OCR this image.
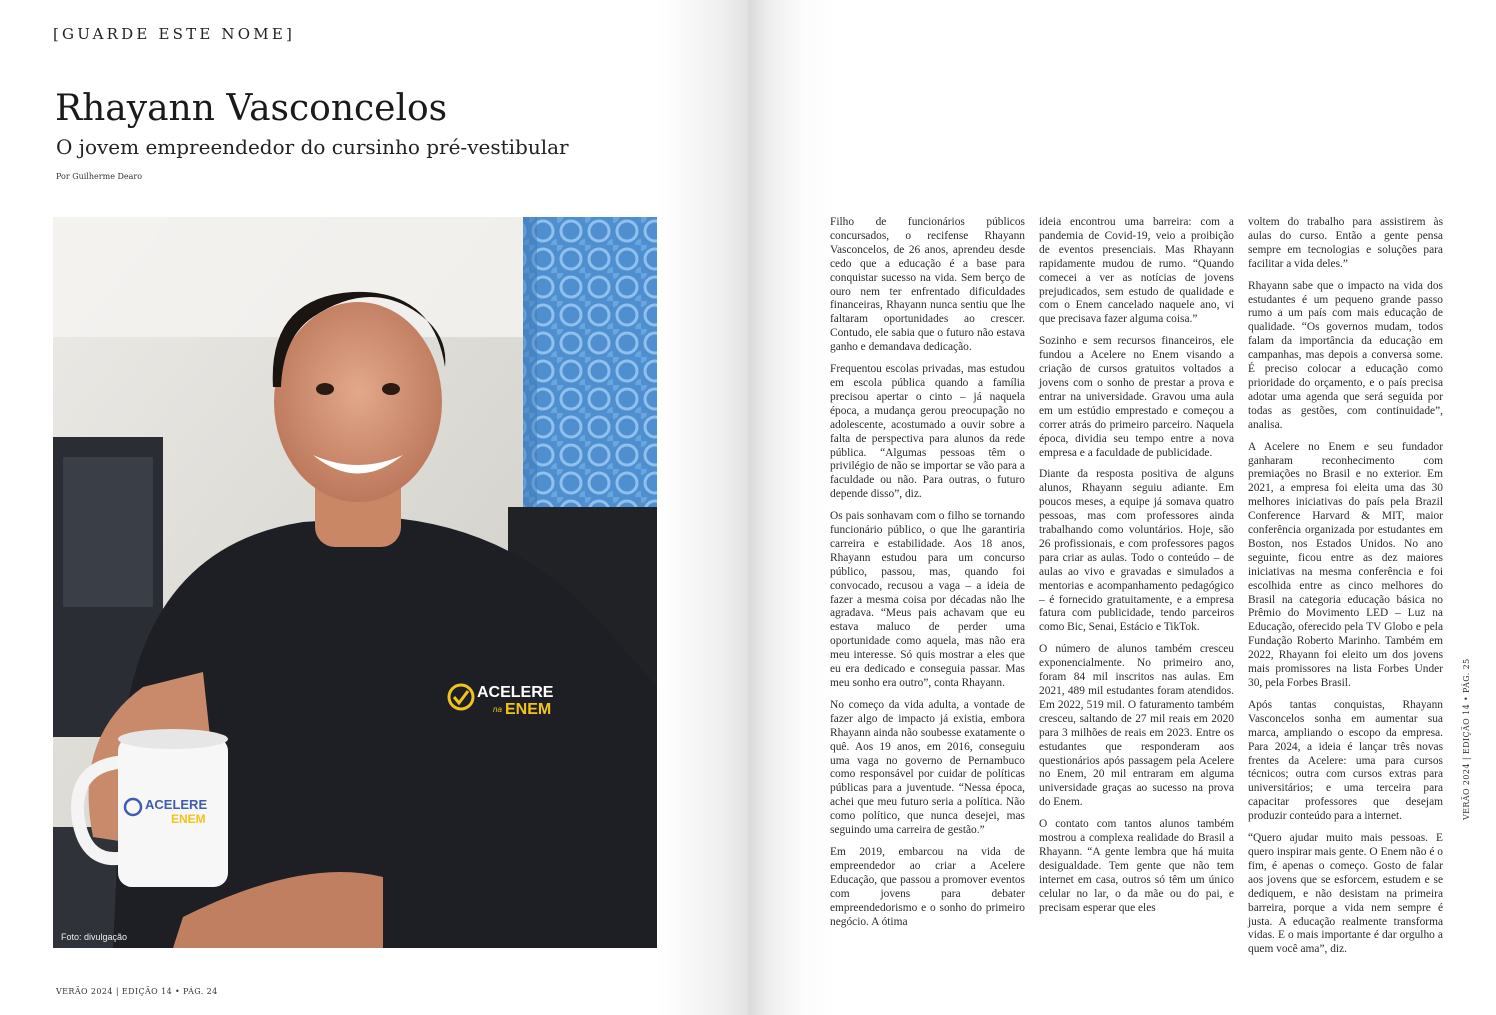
[GUARDE ESTE NOME]
Rhayann Vasconcelos
O jovem empreendedor do cursinho pré-vestibular
Por Guilherme Dearo
ACELERE
na ENEM
ACELERE
ENEM
Foto: divulgação
VERÃO 2024 | EDIÇÃO 14 • PÁG. 24

Filho de funcionários públicos concursados, o recifense Rhayann Vasconcelos, de 26 anos, aprendeu desde cedo que a educação é a base para conquistar sucesso na vida. Sem berço de ouro nem ter enfrentado dificuldades financeiras, Rhayann nunca sentiu que lhe faltaram oportunidades ao crescer. Contudo, ele sabia que o futuro não estava ganho e demandava dedicação.

Frequentou escolas privadas, mas estudou em escola pública quando a família precisou apertar o cinto – já naquela época, a mudança gerou preocupação no adolescente, acostumado a ouvir sobre a falta de perspectiva para alunos da rede pública. “Algumas pessoas têm o privilégio de não se importar se vão para a faculdade ou não. Para outras, o futuro depende disso”, diz.

Os pais sonhavam com o filho se tornando funcionário público, o que lhe garantiria carreira e estabilidade. Aos 18 anos, Rhayann estudou para um concurso público, passou, mas, quando foi convocado, recusou a vaga – a ideia de fazer a mesma coisa por décadas não lhe agradava. “Meus pais achavam que eu estava maluco de perder uma oportunidade como aquela, mas não era meu interesse. Só quis mostrar a eles que eu era dedicado e conseguia passar. Mas meu sonho era outro”, conta Rhayann.

No começo da vida adulta, a vontade de fazer algo de impacto já existia, embora Rhayann ainda não soubesse exatamente o quê. Aos 19 anos, em 2016, conseguiu uma vaga no governo de Pernambuco como responsável por cuidar de políticas públicas para a juventude. “Nessa época, achei que meu futuro seria a política. Não como político, que nunca desejei, mas seguindo uma carreira de gestão.”

Em 2019, embarcou na vida de empreendedor ao criar a Acelere Educação, que passou a promover eventos com jovens para debater empreendedorismo e o sonho do primeiro negócio. A ótima

ideia encontrou uma barreira: com a pandemia de Covid-19, veio a proibição de eventos presenciais. Mas Rhayann rapidamente mudou de rumo. “Quando comecei a ver as notícias de jovens prejudicados, sem estudo de qualidade e com o Enem cancelado naquele ano, vi que precisava fazer alguma coisa.”

Sozinho e sem recursos financeiros, ele fundou a Acelere no Enem visando a criação de cursos gratuitos voltados a jovens com o sonho de prestar a prova e entrar na universidade. Gravou uma aula em um estúdio emprestado e começou a correr atrás do primeiro parceiro. Naquela época, dividia seu tempo entre a nova empresa e a faculdade de publicidade.

Diante da resposta positiva de alguns alunos, Rhayann seguiu adiante. Em poucos meses, a equipe já somava quatro pessoas, mas com professores ainda trabalhando como voluntários. Hoje, são 26 profissionais, e com professores pagos para criar as aulas. Todo o conteúdo – de aulas ao vivo e gravadas e simulados a mentorias e acompanhamento pedagógico – é fornecido gratuitamente, e a empresa fatura com publicidade, tendo parceiros como Bic, Senai, Estácio e TikTok.

O número de alunos também cresceu exponencialmente. No primeiro ano, foram 84 mil inscritos nas aulas. Em 2021, 489 mil estudantes foram atendidos. Em 2022, 519 mil. O faturamento também cresceu, saltando de 27 mil reais em 2020 para 3 milhões de reais em 2023. Entre os estudantes que responderam aos questionários após passagem pela Acelere no Enem, 20 mil entraram em alguma universidade graças ao sucesso na prova do Enem.

O contato com tantos alunos também mostrou a complexa realidade do Brasil a Rhayann. “A gente lembra que há muita desigualdade. Tem gente que não tem internet em casa, outros só têm um único celular no lar, o da mãe ou do pai, e precisam esperar que eles

voltem do trabalho para assistirem às aulas do curso. Então a gente pensa sempre em tecnologias e soluções para facilitar a vida deles.”

Rhayann sabe que o impacto na vida dos estudantes é um pequeno grande passo rumo a um país com mais educação de qualidade. “Os governos mudam, todos falam da importância da educação em campanhas, mas depois a conversa some. É preciso colocar a educação como prioridade do orçamento, e o país precisa adotar uma agenda que será seguida por todas as gestões, com continuidade”, analisa.

A Acelere no Enem e seu fundador ganharam reconhecimento com premiações no Brasil e no exterior. Em 2021, a empresa foi eleita uma das 30 melhores iniciativas do país pela Brazil Conference Harvard & MIT, maior conferência organizada por estudantes em Boston, nos Estados Unidos. No ano seguinte, ficou entre as dez maiores iniciativas na mesma conferência e foi escolhida entre as cinco melhores do Brasil na categoria educação básica no Prêmio do Movimento LED – Luz na Educação, oferecido pela TV Globo e pela Fundação Roberto Marinho. Também em 2022, Rhayann foi eleito um dos jovens mais promissores na lista Forbes Under 30, pela Forbes Brasil.

Após tantas conquistas, Rhayann Vasconcelos sonha em aumentar sua marca, ampliando o escopo da empresa. Para 2024, a ideia é lançar três novas frentes da Acelere: uma para cursos técnicos; outra com cursos extras para universitários; e uma terceira para capacitar professores que desejam produzir conteúdo para a internet.

“Quero ajudar muito mais pessoas. E quero inspirar mais gente. O Enem não é o fim, é apenas o começo. Gosto de falar aos jovens que se esforcem, estudem e se dediquem, e não desistam na primeira barreira, porque a vida nem sempre é justa. A educação realmente transforma vidas. E o mais importante é dar orgulho a quem você ama”, diz.

VERÃO 2024 | EDIÇÃO 14 • PÁG. 25
